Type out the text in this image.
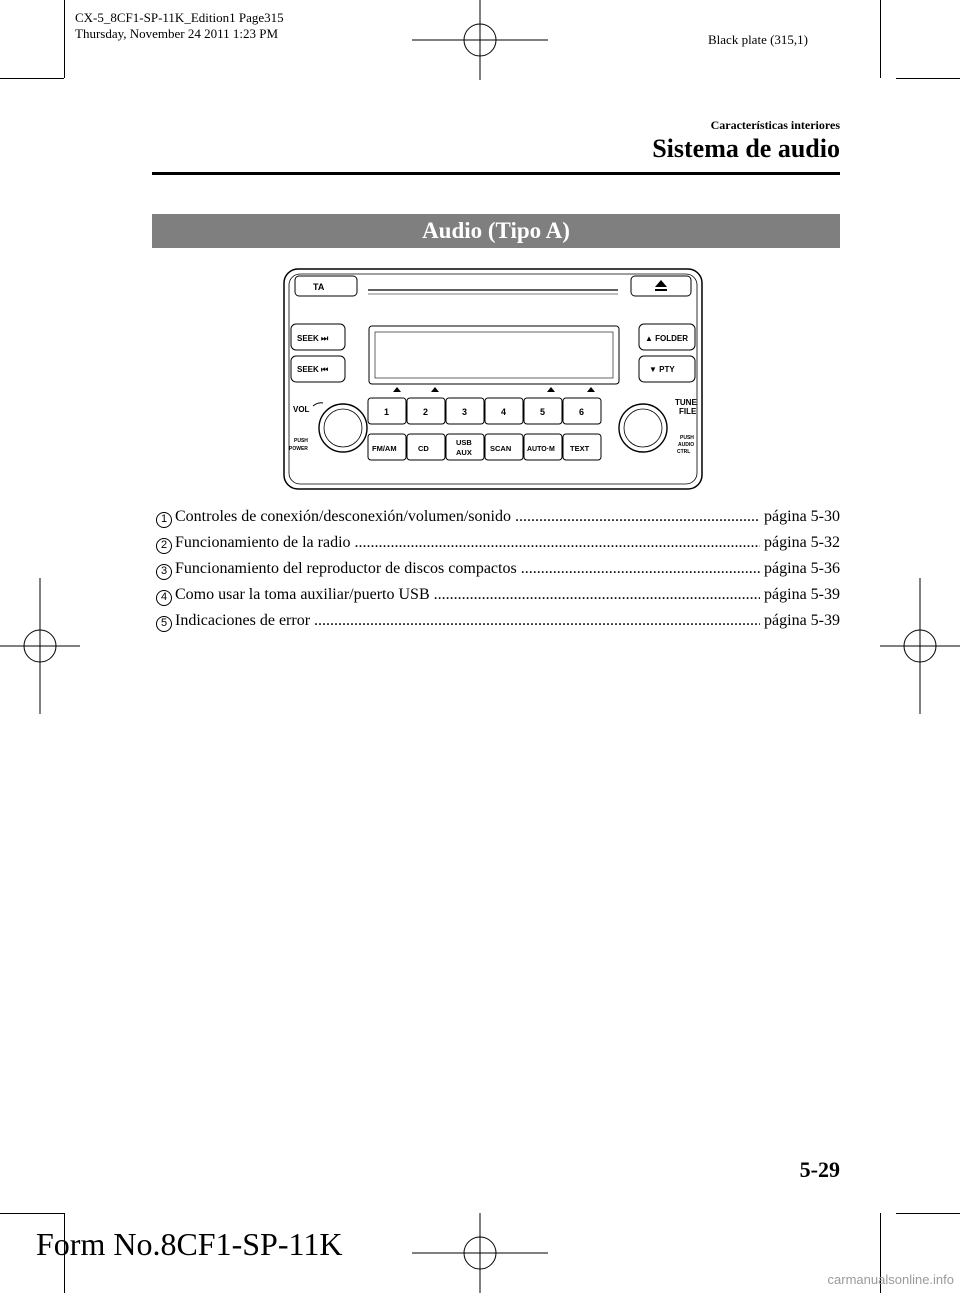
CX-5_8CF1-SP-11K_Edition1 Page315
Thursday, November 24 2011 1:23 PM	Black plate (315,1)
Características interiores
Sistema de audio
Audio (Tipo A)
TA
SEEK ⏭
SEEK ⏮
▲ FOLDER
▼ PTY
1	2	3	4	5	6
FM/AM	CD
USB
AUX SCAN AUTO·M TEXT
VOL
PUSH
POWER
TUNE
FILE
PUSH
AUDIO
CTRL
1 Controles de conexión/desconexión/volumen/sonido .....	página 5-30
2 Funcionamiento de la radio .....	página 5-32
3 Funcionamiento del reproductor de discos compactos .....	página 5-36
4 Como usar la toma auxiliar/puerto USB .....	página 5-39
5 Indicaciones de error .....	página 5-39
5-29
Form No.8CF1-SP-11K
carmanualsonline.info
